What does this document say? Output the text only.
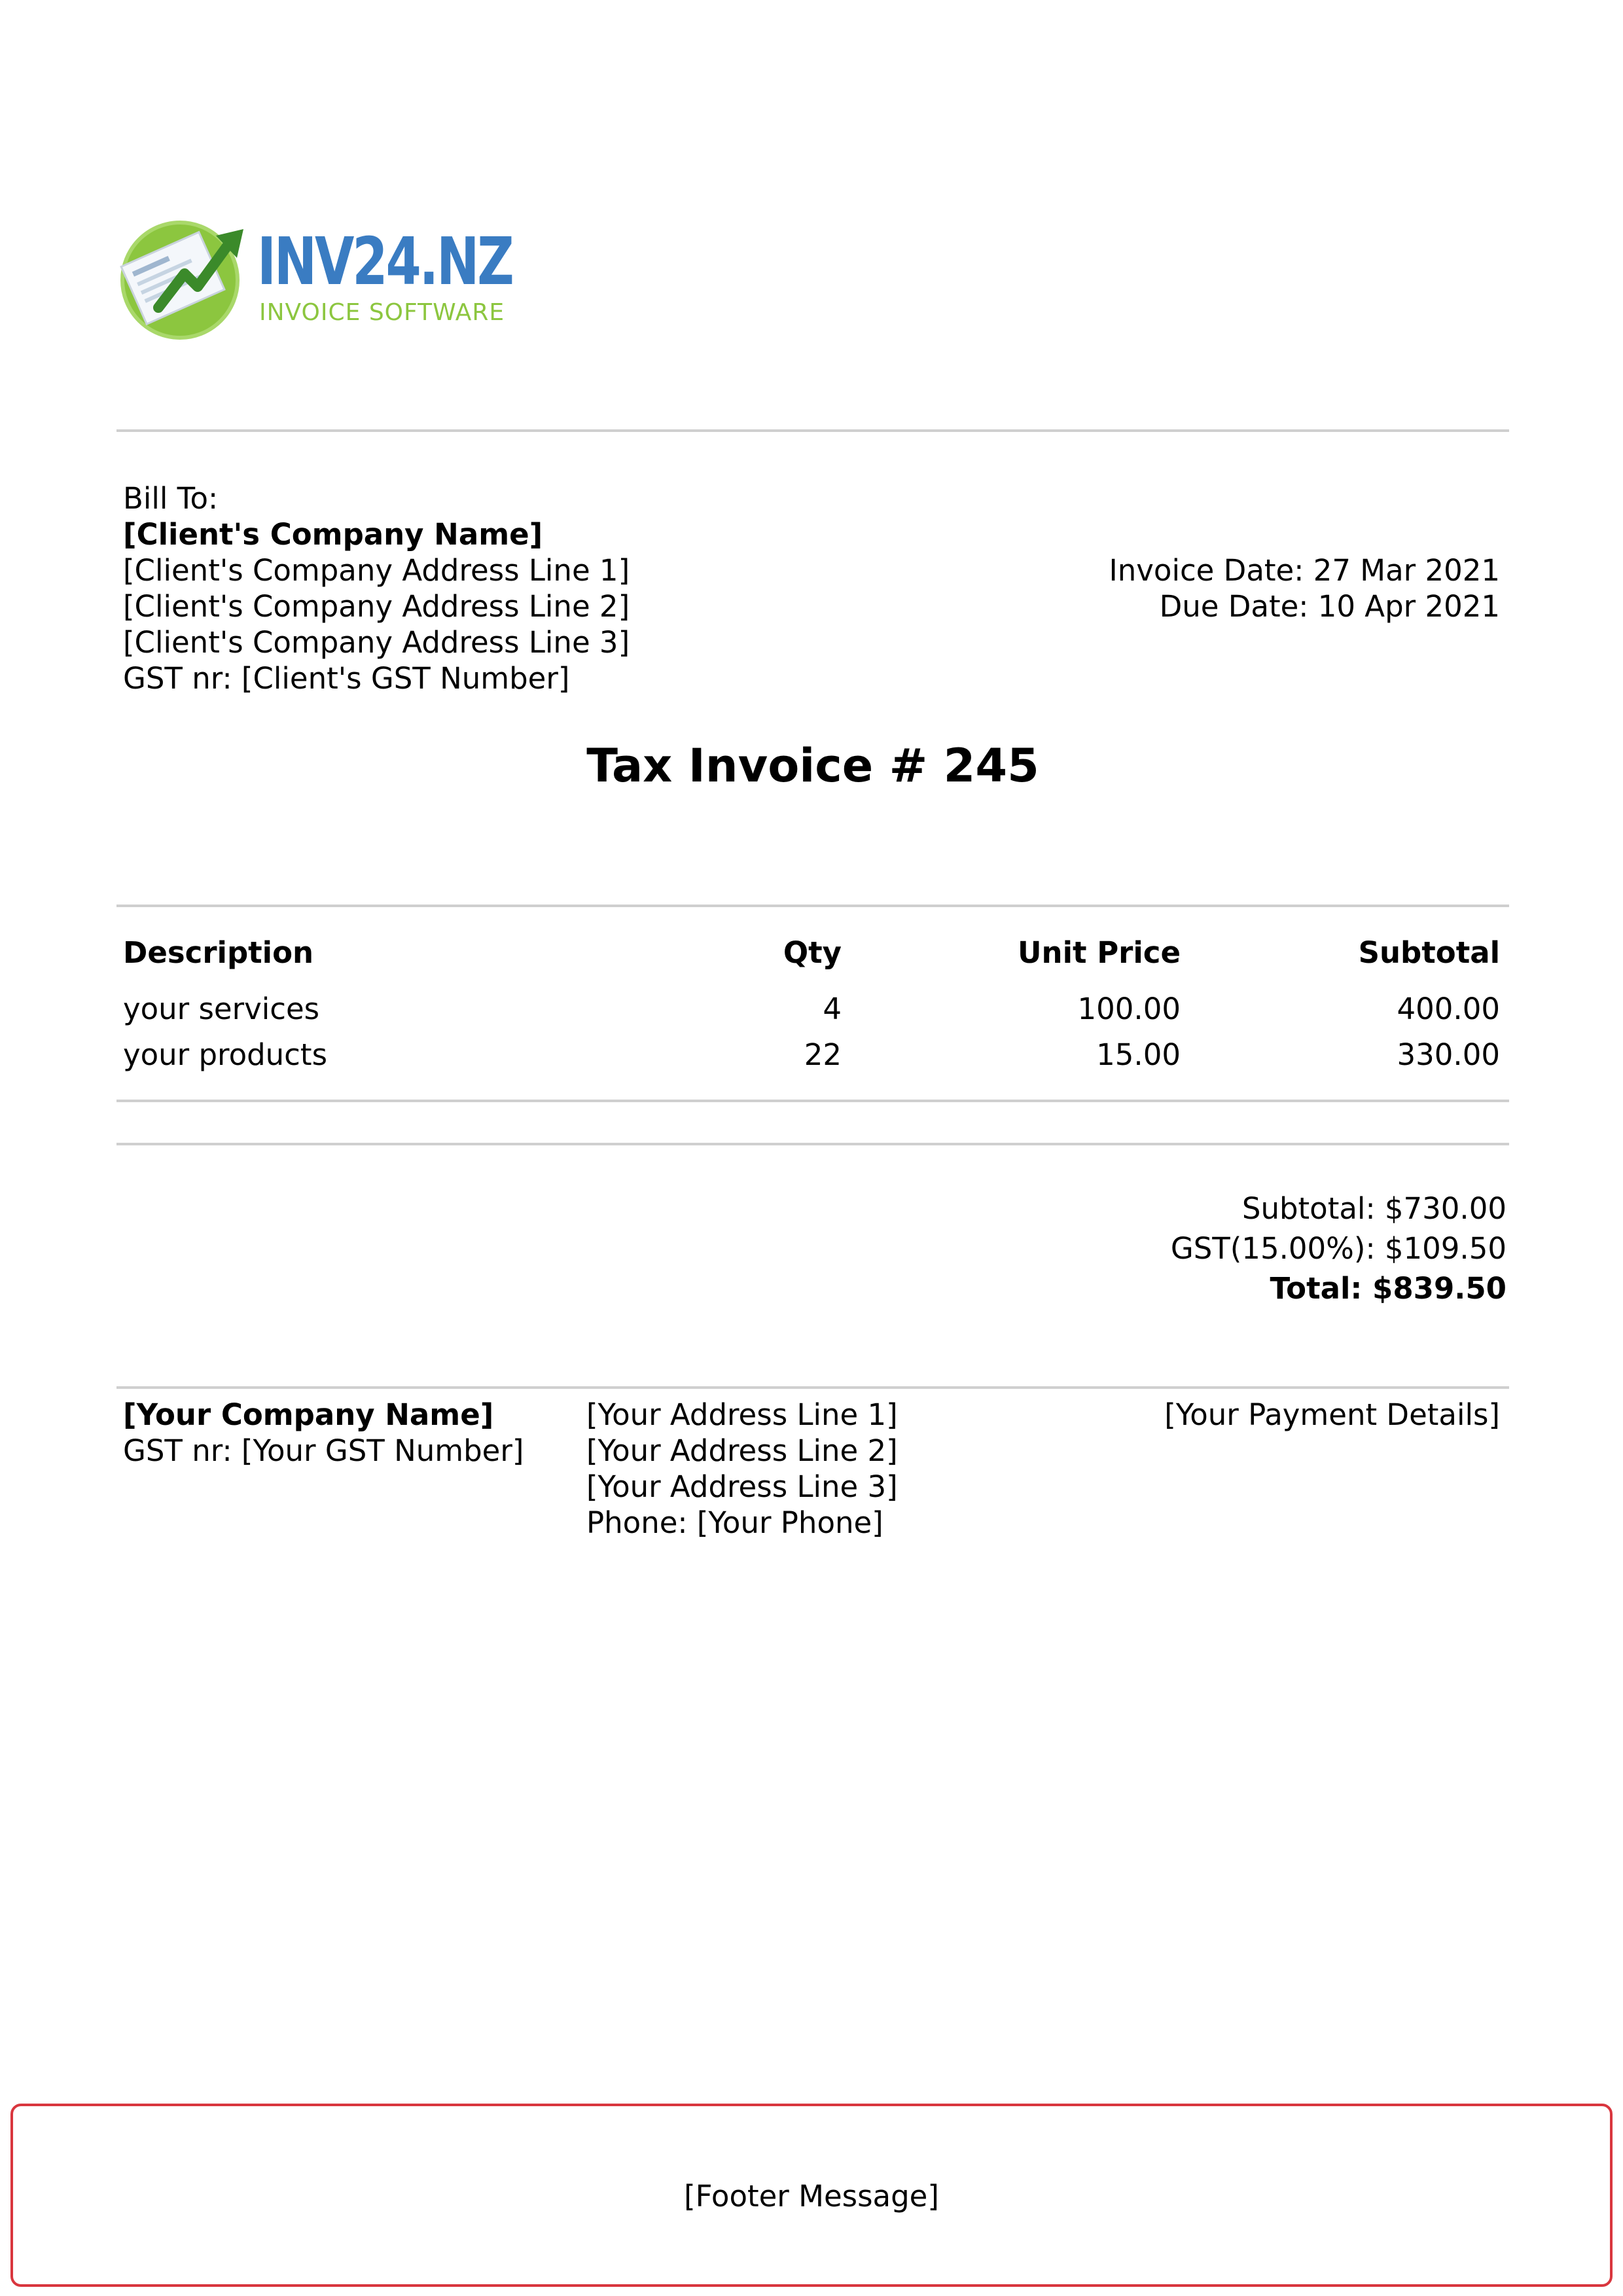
INV24.NZ
INVOICE SOFTWARE
Bill To:
[Client's Company Name]
[Client's Company Address Line 1]
[Client's Company Address Line 2]
[Client's Company Address Line 3]
GST nr: [Client's GST Number]
Invoice Date: 27 Mar 2021
Due Date: 10 Apr 2021
Tax Invoice # 245
Description	Qty	Unit Price	Subtotal
your services	4	100.00	400.00
your products	22	15.00	330.00
Subtotal: $730.00
GST(15.00%): $109.50
Total: $839.50
[Your Company Name]
GST nr: [Your GST Number]
[Your Address Line 1]
[Your Address Line 2]
[Your Address Line 3]
Phone: [Your Phone]
[Your Payment Details]
[Footer Message]
